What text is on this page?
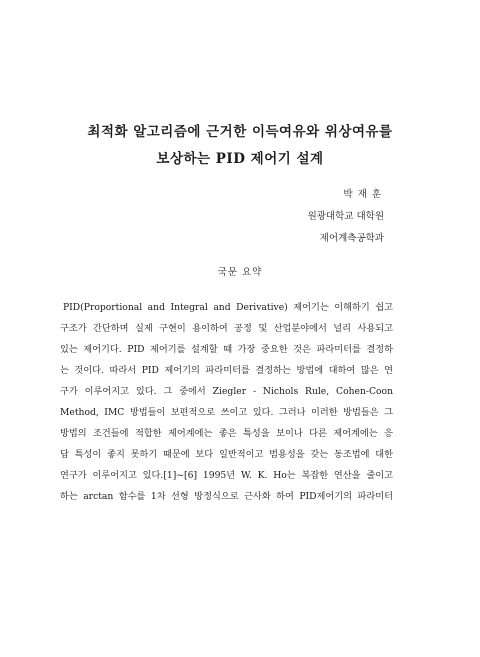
최적화 알고리즘에 근거한 이득여유와 위상여유를
보상하는 PID 제어기 설계
박 재 훈
원광대학교 대학원
제어계측공학과
국문 요약
PID(Proportional and Integral and Derivative) 제어기는 이해하기 쉽고
구조가 간단하며 실제 구현이 용이하여 공정 및 산업분야에서 널리 사용되고
있는 제어기다. PID 제어기를 설계할 때 가장 중요한 것은 파라미터를 결정하
는 것이다. 따라서 PID 제어기의 파라미터를 결정하는 방법에 대하여 많은 연
구가 이루어지고 있다. 그 중에서 Ziegler - Nichols Rule, Cohen-Coon
Method, IMC 방법들이 보편적으로 쓰이고 있다. 그러나 이러한 방법들은 그
방법의 조건들에 적합한 제어계에는 좋은 특성을 보이나 다른 제어계에는 응
답 특성이 좋지 못하기 때문에 보다 일반적이고 범용성을 갖는 동조법에 대한
연구가 이루어지고 있다.[1]~[6] 1995년 W. K. Ho는 복잡한 연산을 줄이고
하는 arctan 함수를 1차 선형 방정식으로 근사화 하여 PID제어기의 파라미터
